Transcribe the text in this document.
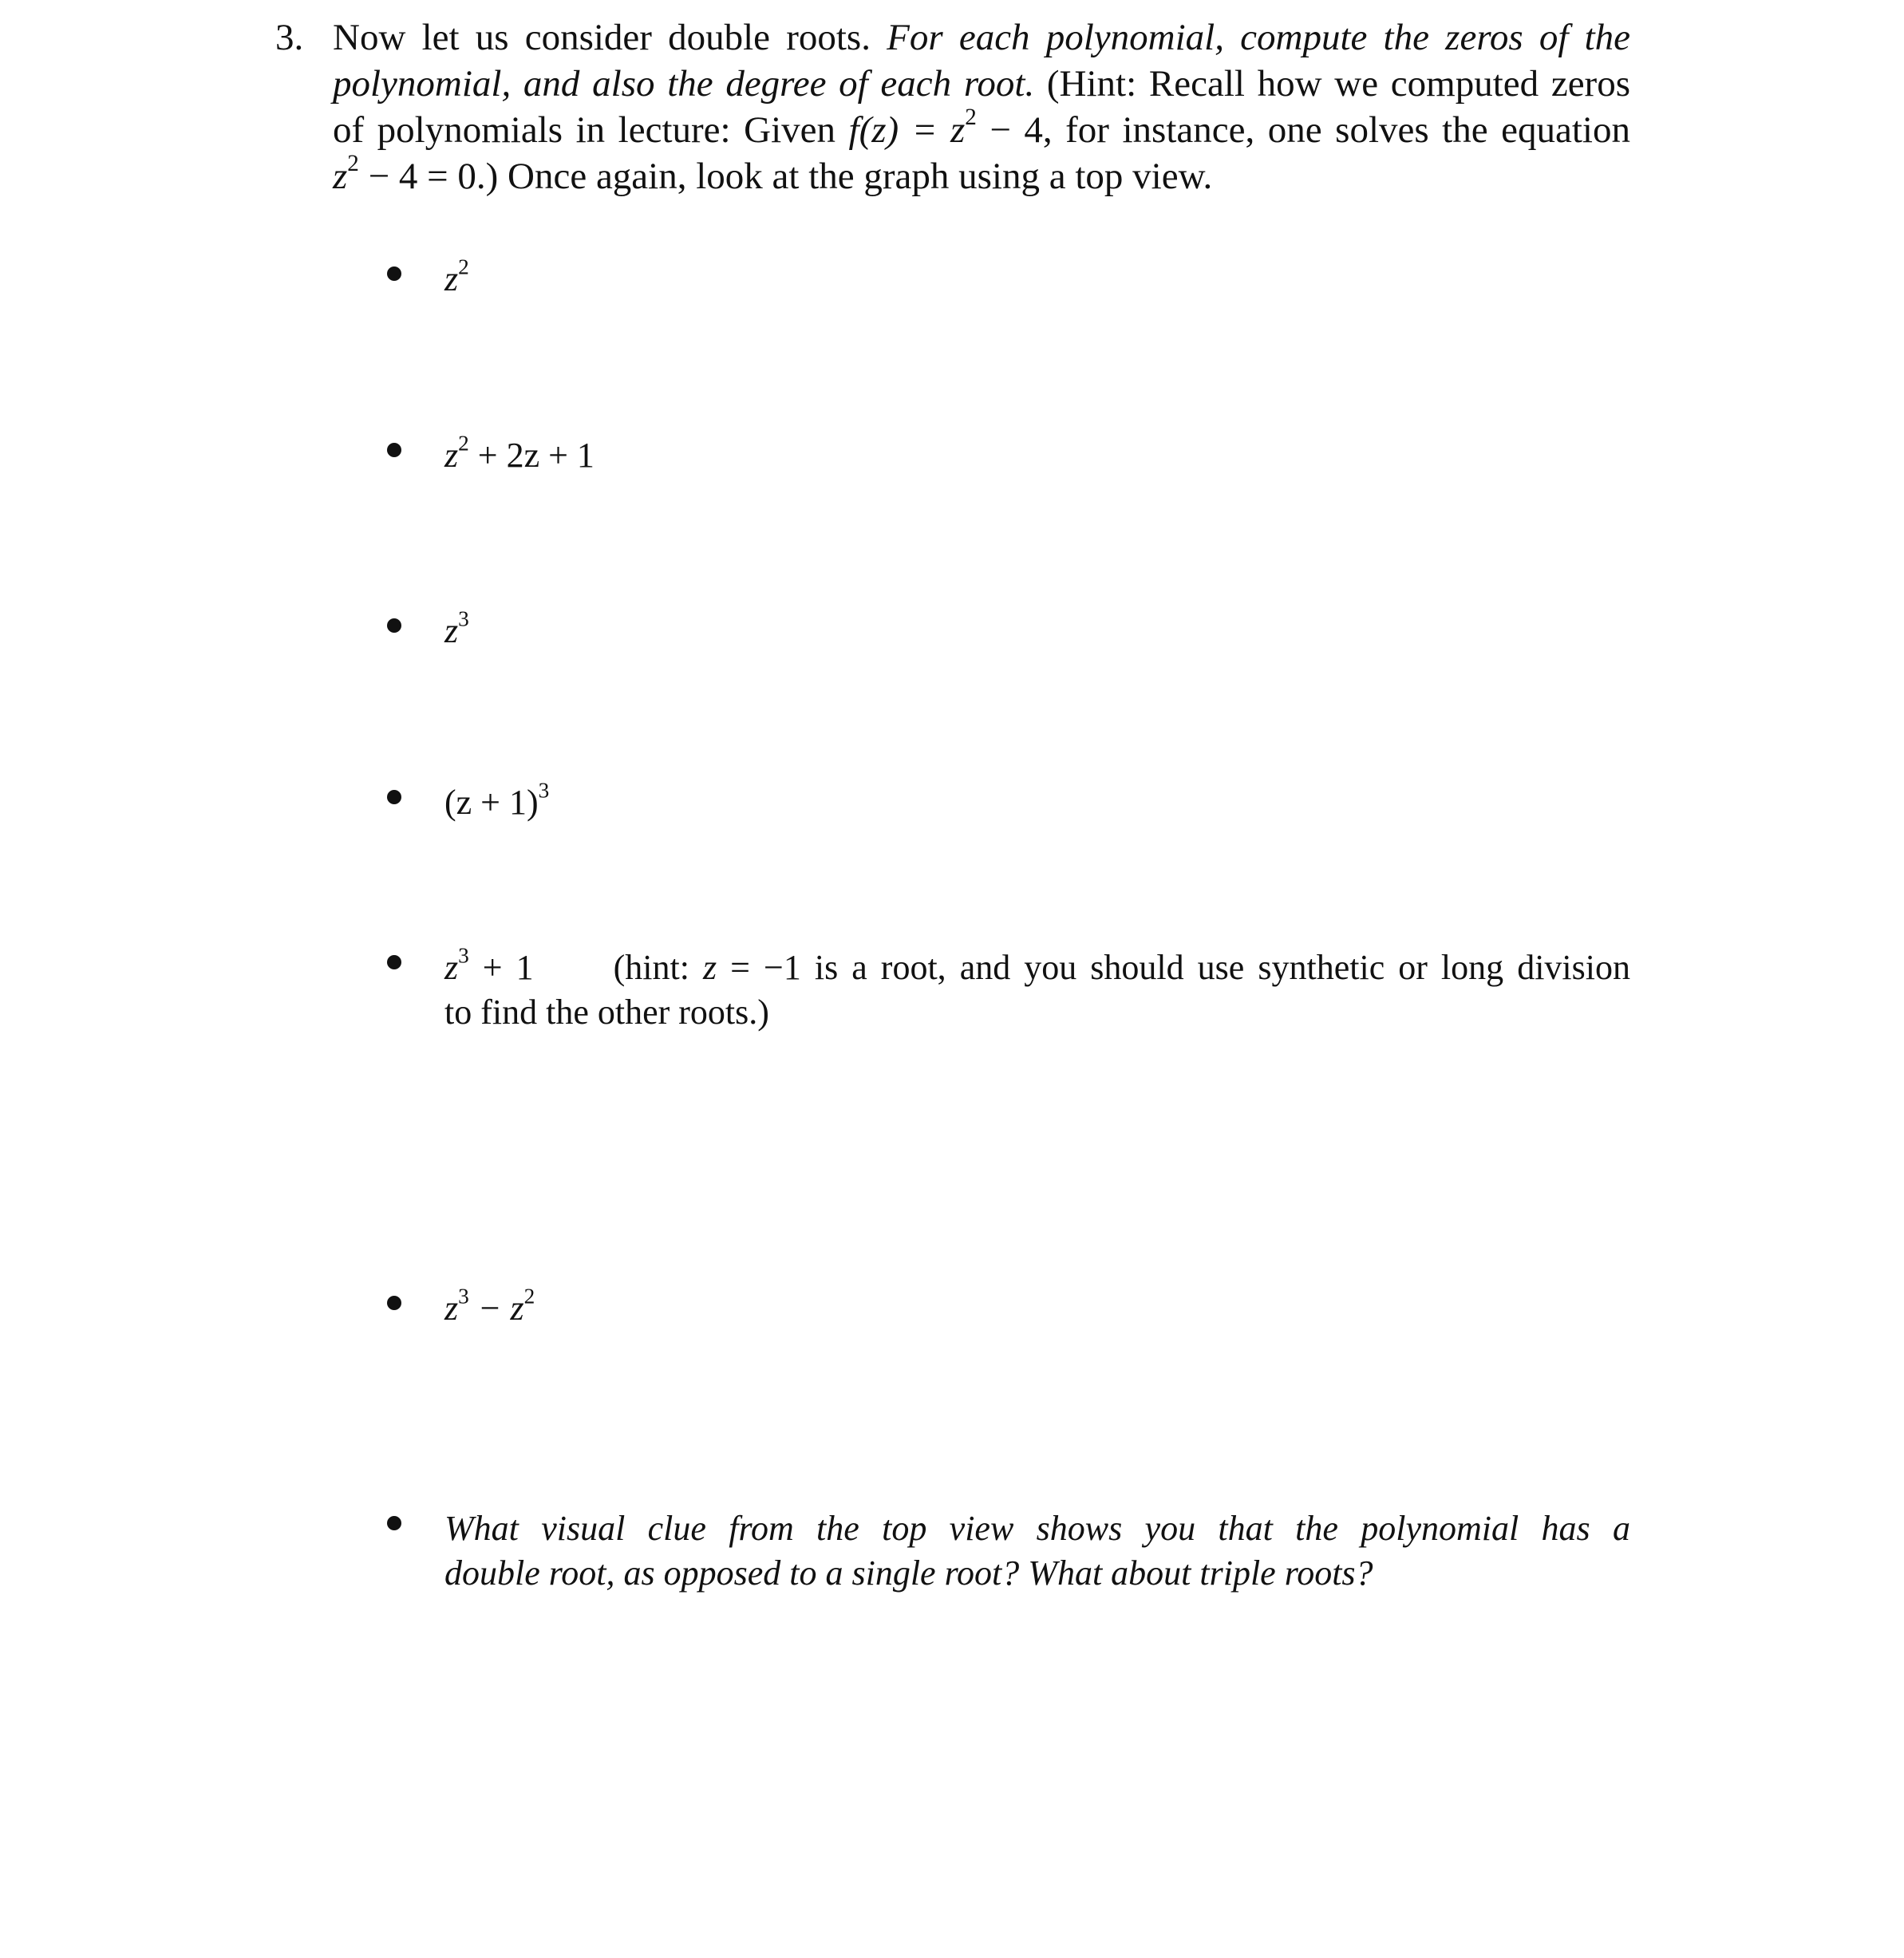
3. Now let us consider double roots. For each polynomial, compute the zeros of the
polynomial, and also the degree of each root. (Hint: Recall how we computed zeros
of polynomials in lecture: Given $f(z) = z^2 - 4$, for instance, one solves the equation
$z^2 - 4 = 0$.) Once again, look at the graph using a top view.
$z^2$
$z^2 + 2z + 1$
$z^3$
$(z + 1)^3$
$z^3 + 1$ (hint: z = −1 is a root, and you should use synthetic or long division
to find the other roots.)
$z^3 - z^2$
What visual clue from the top view shows you that the polynomial has a
double root, as opposed to a single root? What about triple roots?
